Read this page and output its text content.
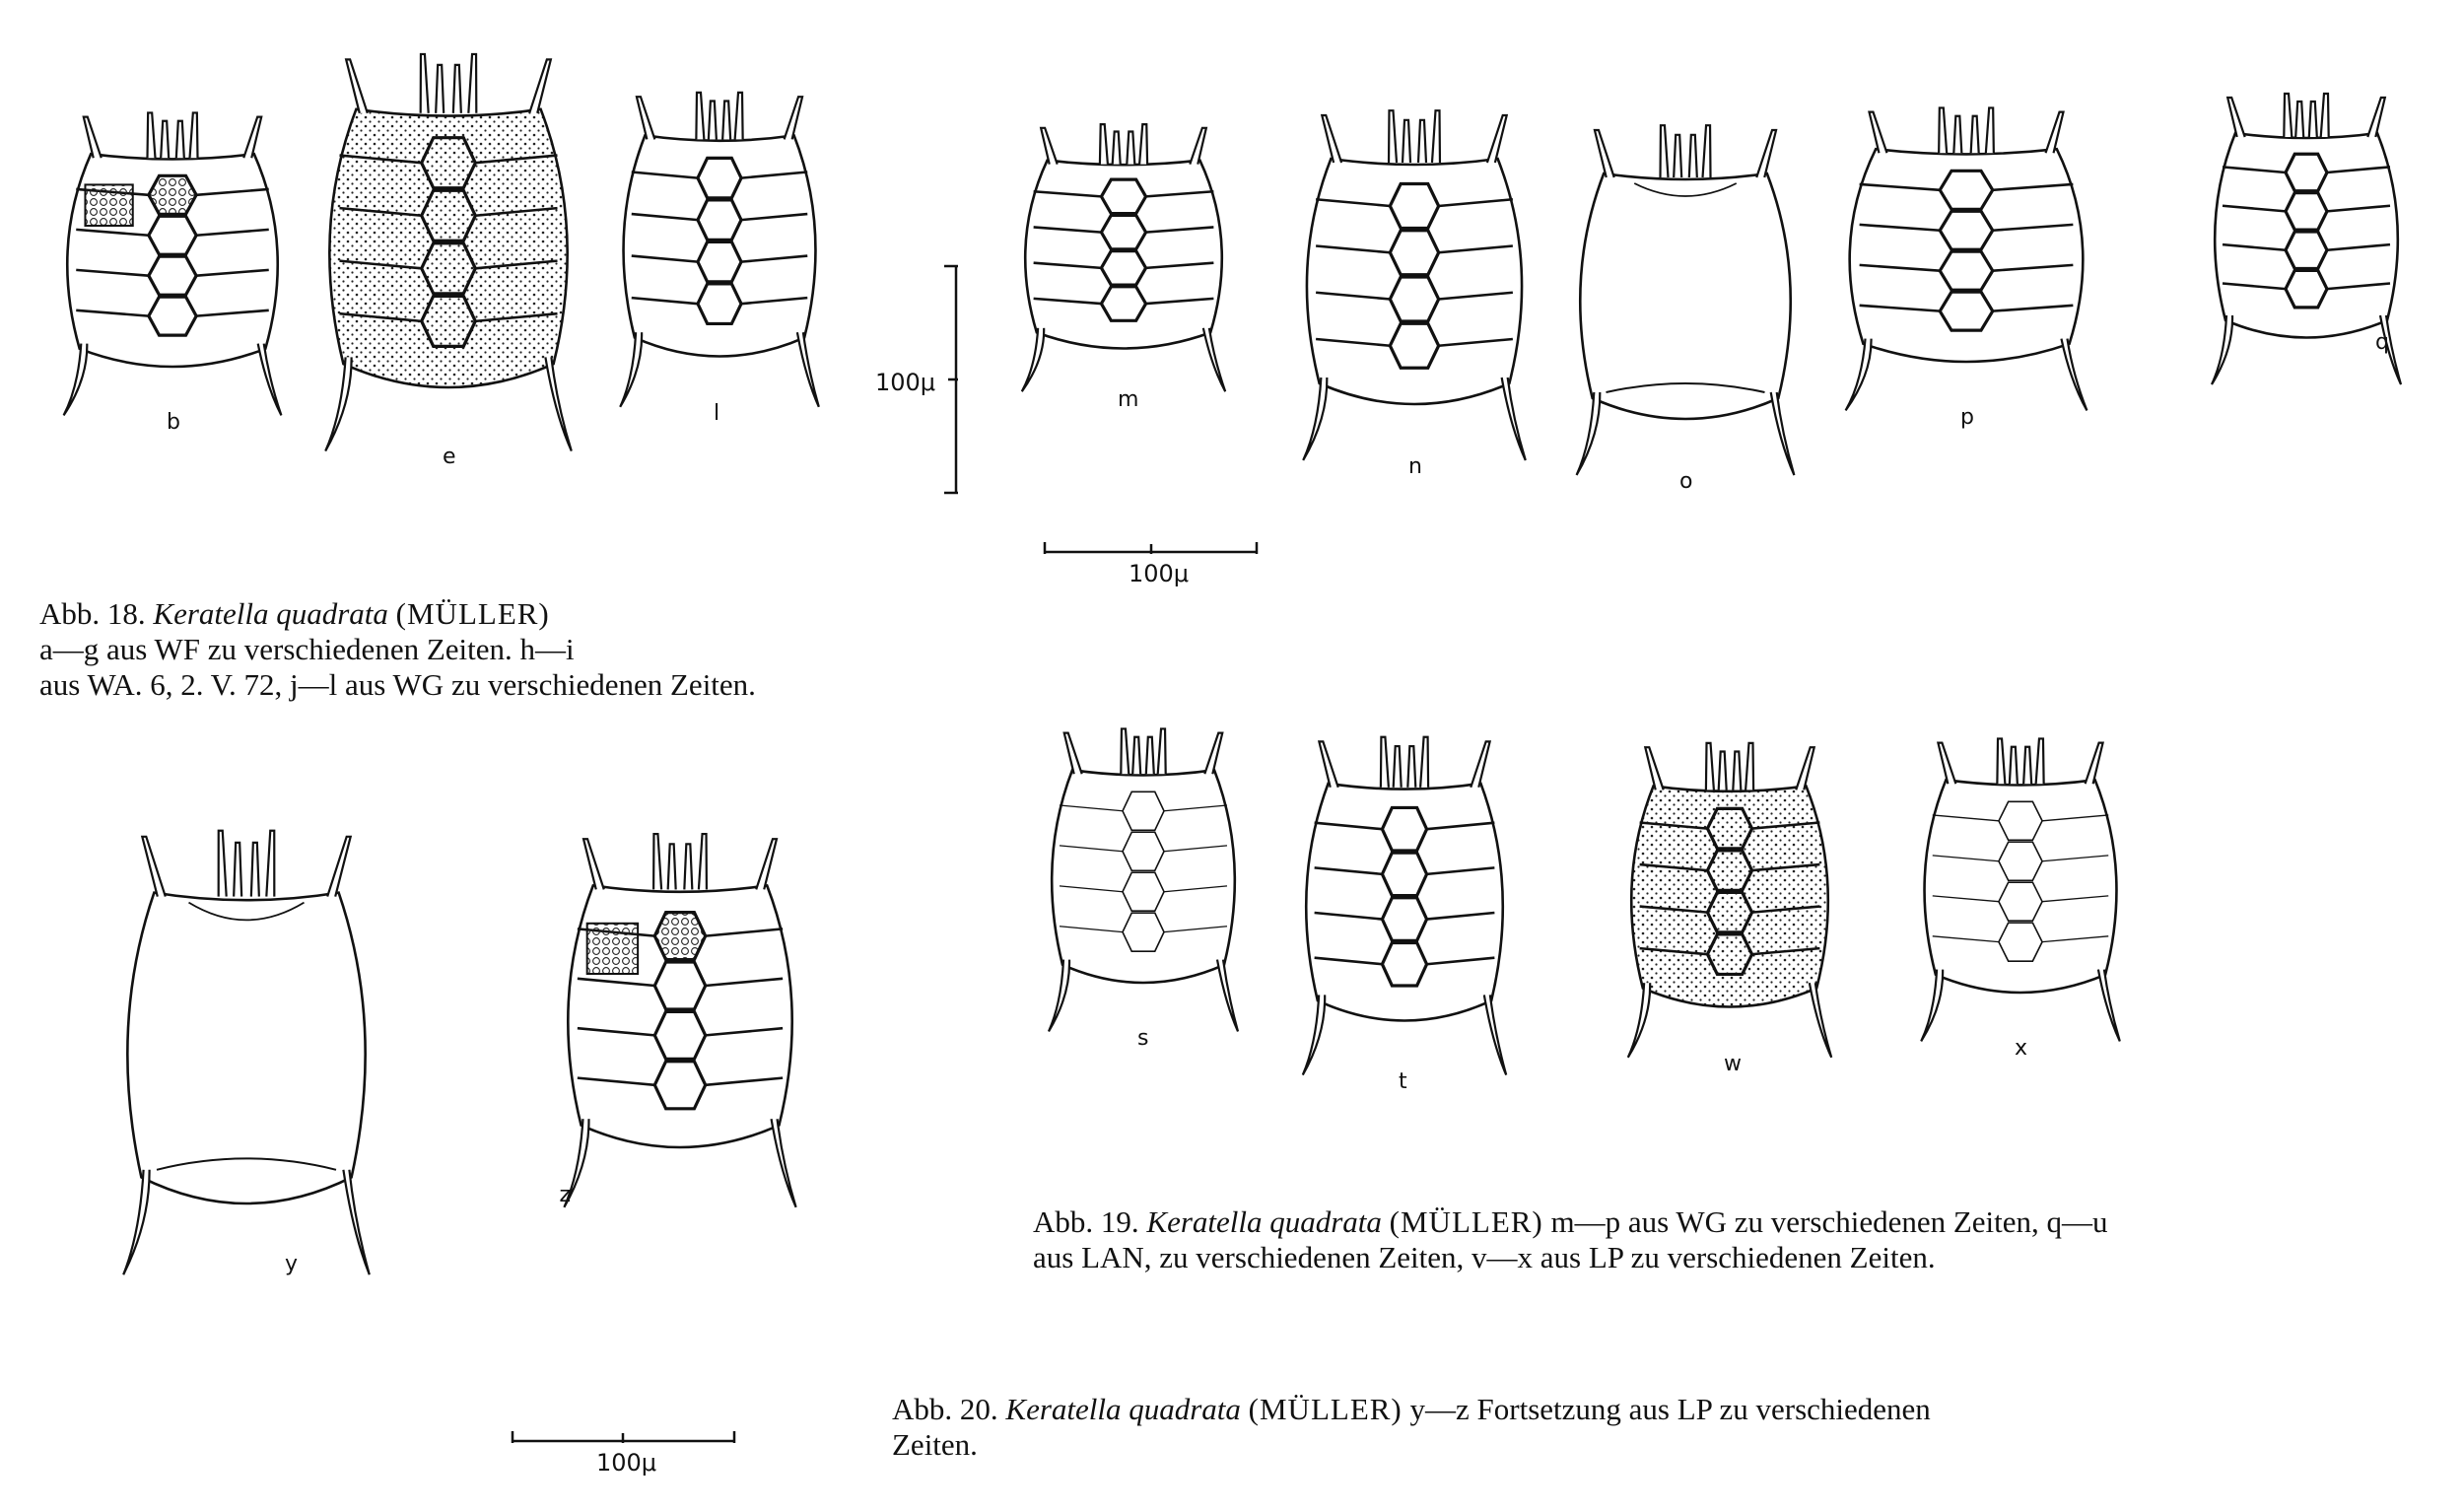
b
e
l
m
n
o
p
q
s
t
w
x
y
z
100μ
100μ
100μ
Abb. 18. Keratella quadrata (MÜLLER)
a—g aus WF zu verschiedenen Zeiten. h—i
aus WA. 6, 2. V. 72, j—l aus WG zu verschiedenen Zeiten.
Abb. 19. Keratella quadrata (MÜLLER) m—p aus WG zu verschiedenen Zeiten, q—u
aus LAN, zu verschiedenen Zeiten, v—x aus LP zu verschiedenen Zeiten.
Abb. 20. Keratella quadrata (MÜLLER) y—z Fortsetzung aus LP zu verschiedenen
Zeiten.
